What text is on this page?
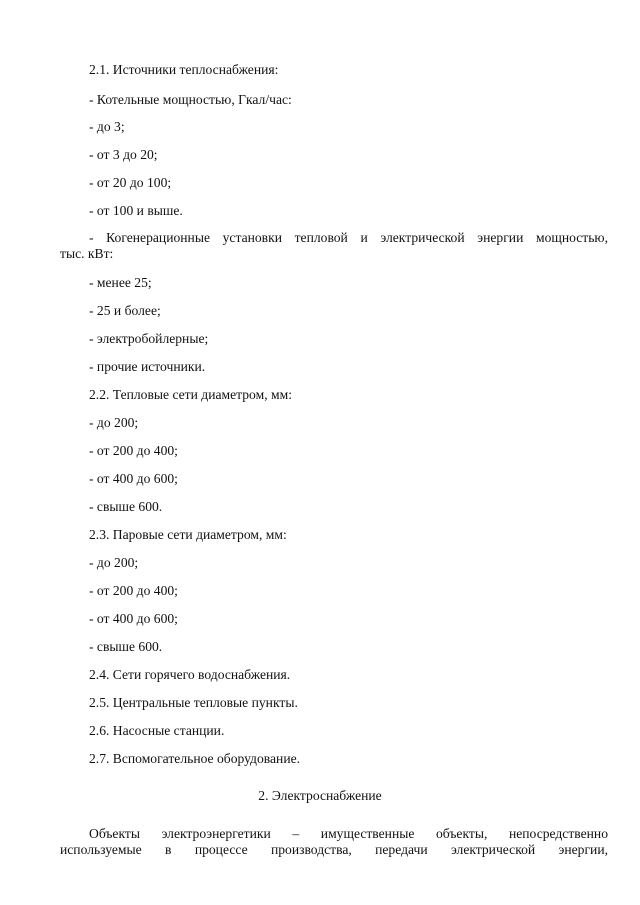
2.1. Источники теплоснабжения:
- Котельные мощностью, Гкал/час:
- до 3;
- от 3 до 20;
- от 20 до 100;
- от 100 и выше.
- Когенерационные установки тепловой и электрической энергии мощностью,
тыс. кВт:
- менее 25;
- 25 и более;
- электробойлерные;
- прочие источники.
2.2. Тепловые сети диаметром, мм:
- до 200;
- от 200 до 400;
- от 400 до 600;
- свыше 600.
2.3. Паровые сети диаметром, мм:
- до 200;
- от 200 до 400;
- от 400 до 600;
- свыше 600.
2.4. Сети горячего водоснабжения.
2.5. Центральные тепловые пункты.
2.6. Насосные станции.
2.7. Вспомогательное оборудование.
2. Электроснабжение
Объекты электроэнергетики – имущественные объекты, непосредственно
используемые в процессе производства, передачи электрической энергии,
